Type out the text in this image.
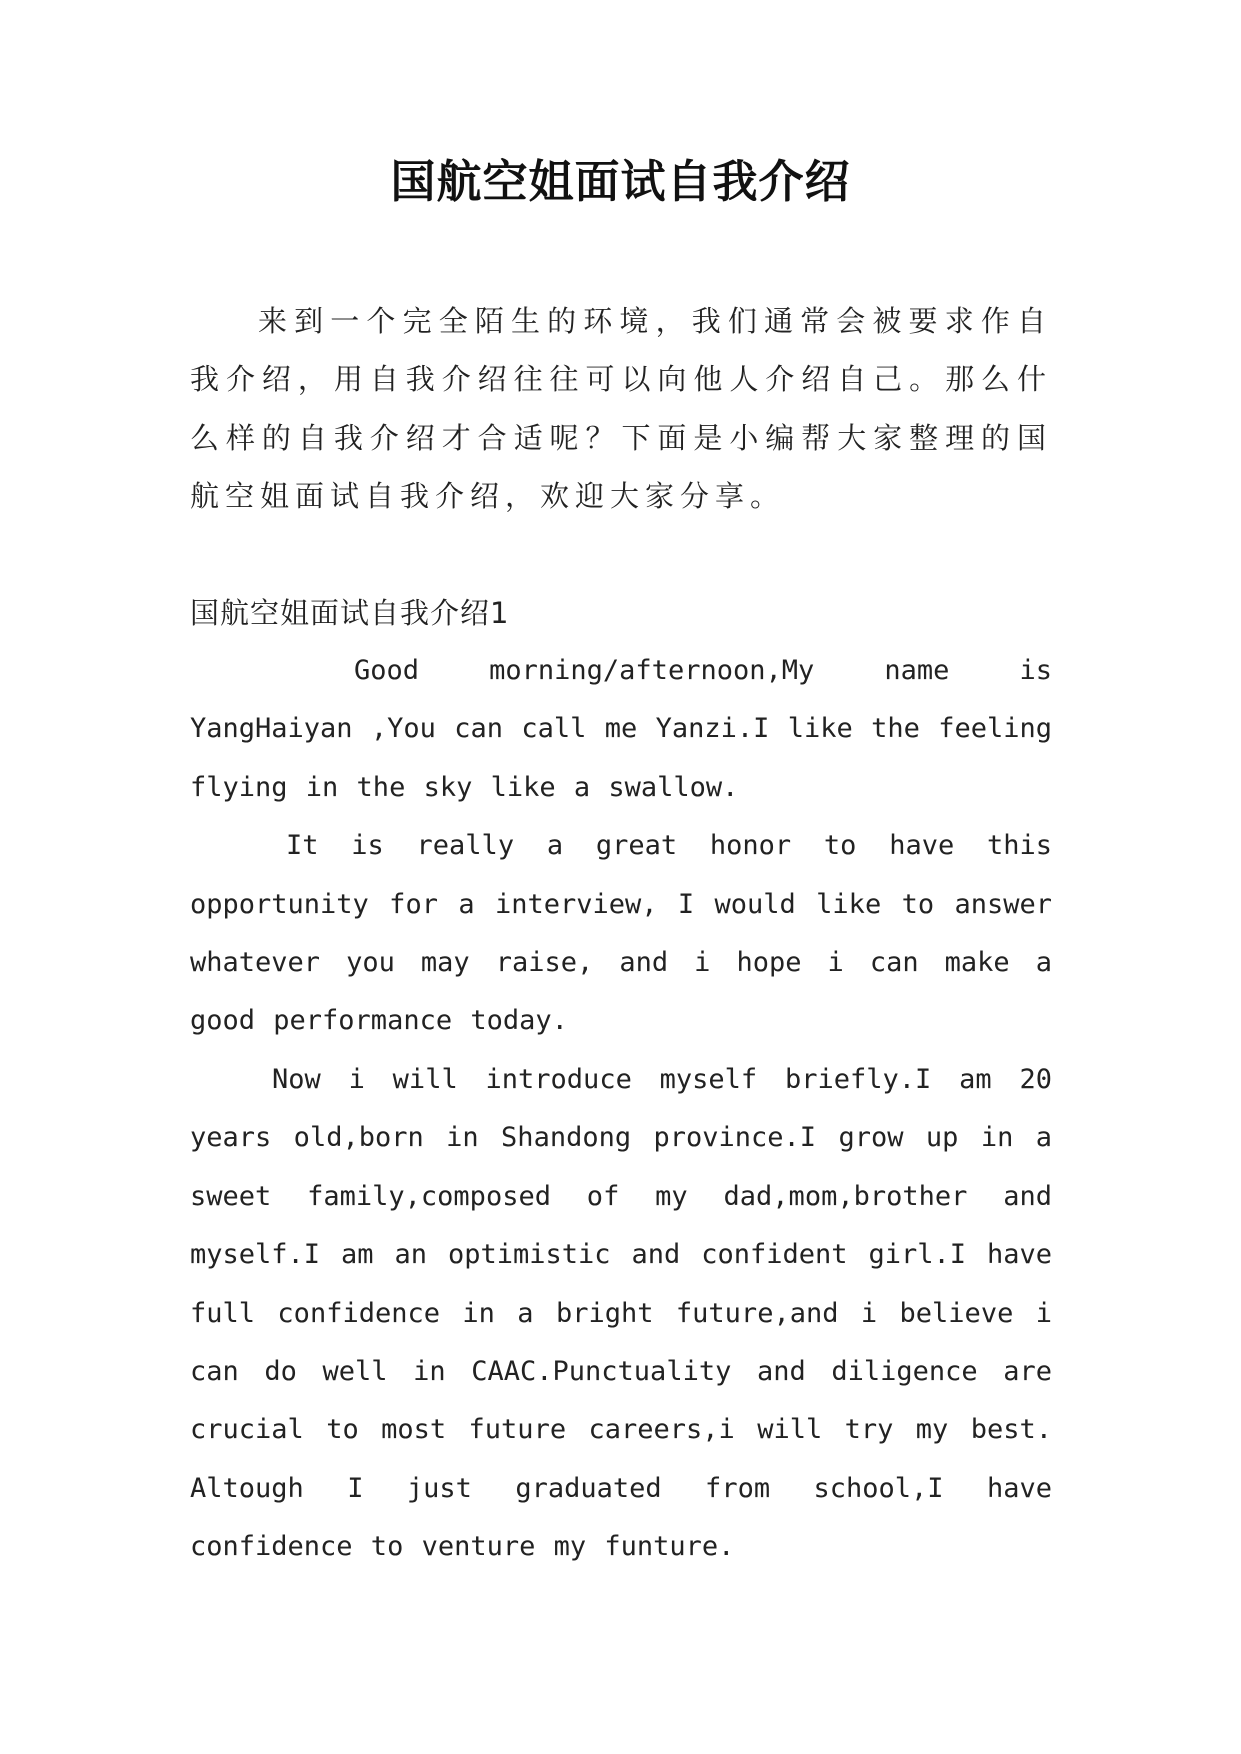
国航空姐面试自我介绍

来到一个完全陌生的环境，我们通常会被要求作自我介绍，用自我介绍往往可以向他人介绍自己。那么什么样的自我介绍才合适呢？下面是小编帮大家整理的国航空姐面试自我介绍，欢迎大家分享。

国航空姐面试自我介绍1

Good morning/afternoon,My name is YangHaiyan ,You can call me Yanzi.I like the feeling flying in the sky like a swallow.

It is really a great honor to have this opportunity for a interview, I would like to answer whatever you may raise, and i hope i can make a good performance today.

Now i will introduce myself briefly.I am 20 years old,born in Shandong province.I grow up in a sweet family,composed of my dad,mom,brother and myself.I am an optimistic and confident girl.I have full confidence in a bright future,and i believe i can do well in CAAC.Punctuality and diligence are crucial to most future careers,i will try my best. Altough I just graduated from school,I have confidence to venture my funture.
